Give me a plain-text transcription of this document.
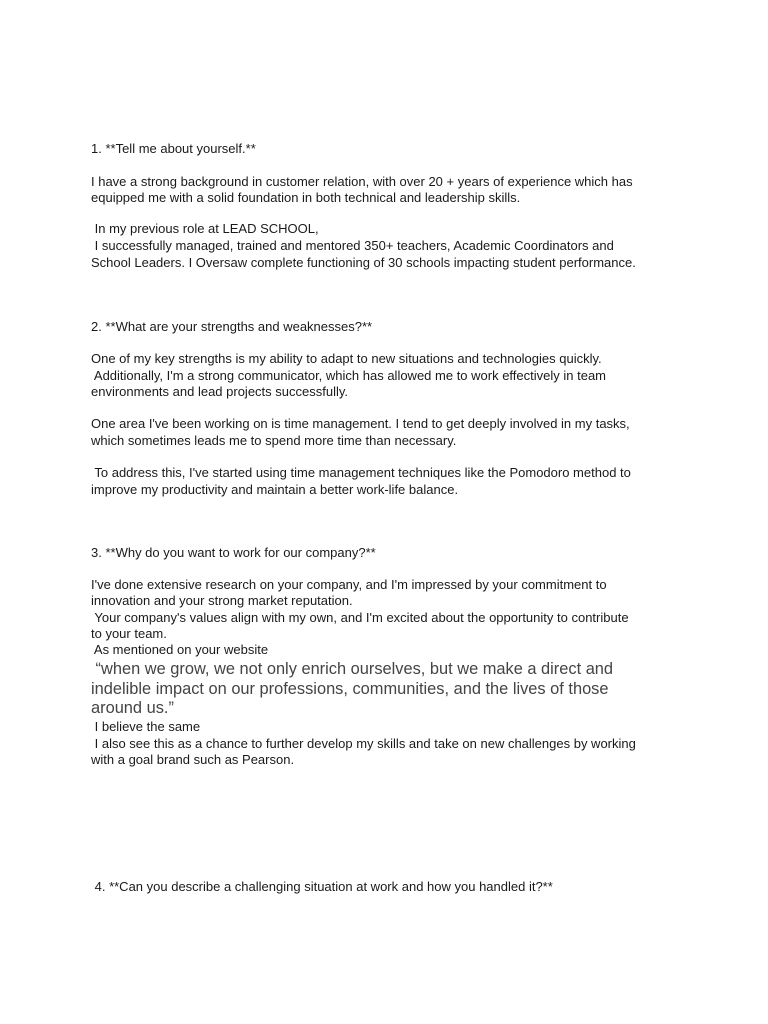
1. **Tell me about yourself.**

I have a strong background in customer relation, with over 20 + years of experience which has

equipped me with a solid foundation in both technical and leadership skills.

In my previous role at LEAD SCHOOL,

I successfully managed, trained and mentored 350+ teachers, Academic Coordinators and

School Leaders. I Oversaw complete functioning of 30 schools impacting student performance.

2. **What are your strengths and weaknesses?**

One of my key strengths is my ability to adapt to new situations and technologies quickly.

Additionally, I'm a strong communicator, which has allowed me to work effectively in team

environments and lead projects successfully.

One area I've been working on is time management. I tend to get deeply involved in my tasks,

which sometimes leads me to spend more time than necessary.

To address this, I've started using time management techniques like the Pomodoro method to

improve my productivity and maintain a better work-life balance.

3. **Why do you want to work for our company?**

I've done extensive research on your company, and I'm impressed by your commitment to

innovation and your strong market reputation.

Your company's values align with my own, and I'm excited about the opportunity to contribute

to your team.

As mentioned on your website

“when we grow, we not only enrich ourselves, but we make a direct and

indelible impact on our professions, communities, and the lives of those

around us.”

I believe the same

I also see this as a chance to further develop my skills and take on new challenges by working

with a goal brand such as Pearson.

4. **Can you describe a challenging situation at work and how you handled it?**
